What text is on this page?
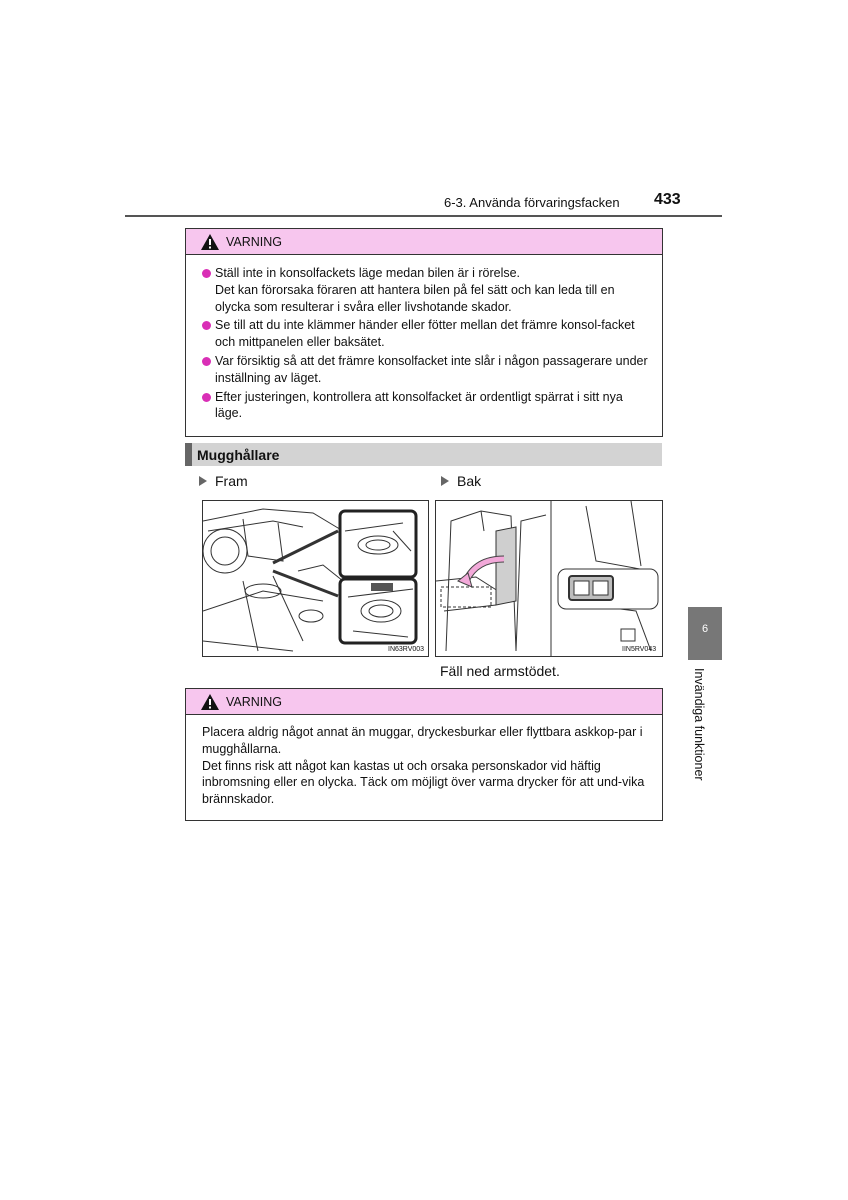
6-3. Använda förvaringsfacken 433
VARNING
Ställ inte in konsolfackets läge medan bilen är i rörelse.
Det kan förorsaka föraren att hantera bilen på fel sätt och kan leda till en olycka som resulterar i svåra eller livshotande skador.
Se till att du inte klämmer händer eller fötter mellan det främre konsol-facket och mittpanelen eller baksätet.
Var försiktig så att det främre konsolfacket inte slår i någon passagerare under inställning av läget.
Efter justeringen, kontrollera att konsolfacket är ordentligt spärrat i sitt nya läge.
Mugghållare
Fram	Bak
IN63RV003	IIN5RV043
Fäll ned armstödet.
VARNING
Placera aldrig något annat än muggar, dryckesburkar eller flyttbara askkop-par i mugghållarna.
Det finns risk att något kan kastas ut och orsaka personskador vid häftig inbromsning eller en olycka. Täck om möjligt över varma drycker för att und-vika brännskador.
6
Invändiga funktioner
